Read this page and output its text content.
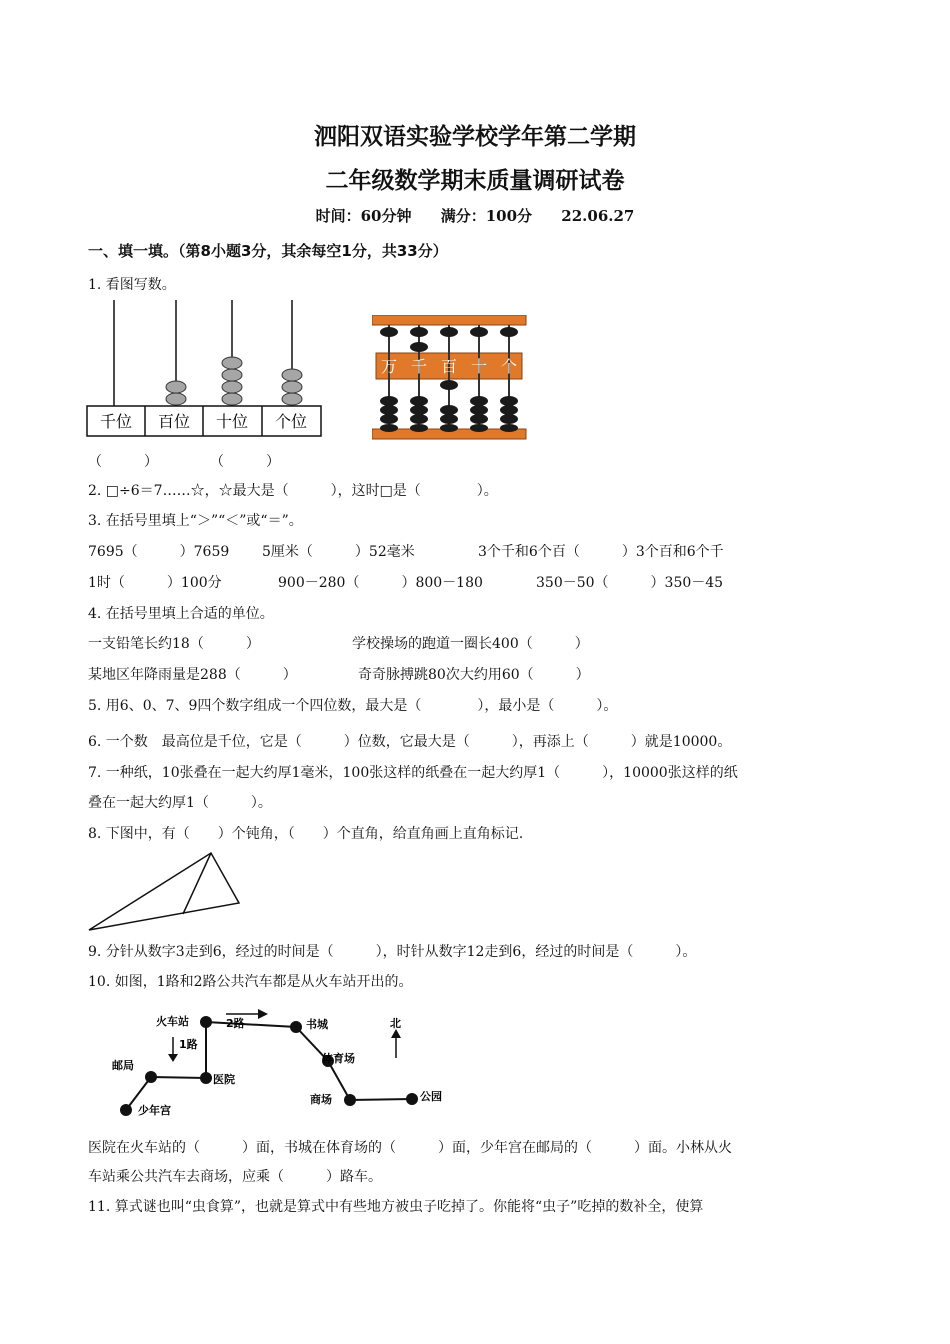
泗阳双语实验学校学年第二学期
二年级数学期末质量调研试卷
时间：60分钟 满分：100分 22.06.27
一、填一填。（第8小题3分，其余每空1分，共33分）
1. 看图写数。
千位 百位 十位 个位
万 千 百 十 个
（　　　）	（　　　）
2. □÷6＝7……☆，☆最大是（　　　），这时□是（　　　　）。
3. 在括号里填上“＞”“＜”或“＝”。
7695（　　　）7659 5厘米（　　　）52毫米	3个千和6个百（　　　）3个百和6个千
1时（　　　）100分	900－280（　　　）800－180	350－50（　　　）350－45
4. 在括号里填上合适的单位。
一支铅笔长约18（　　　）	学校操场的跑道一圈长400（　　　）
某地区年降雨量是288（　　　）	奇奇脉搏跳80次大约用60（　　　）
5. 用6、0、7、9四个数字组成一个四位数，最大是（　　　　），最小是（　　　）。
6. 一个数　最高位是千位，它是（　　　）位数，它最大是（　　　），再添上（　　　）就是10000。
7. 一种纸，10张叠在一起大约厚1毫米，100张这样的纸叠在一起大约厚1（　　　），10000张这样的纸
叠在一起大约厚1（　　　）。
8. 下图中，有（　　）个钝角，（　　）个直角，给直角画上直角标记.
9. 分针从数字3走到6，经过的时间是（　　　），时针从数字12走到6，经过的时间是（　　　）。
10. 如图，1路和2路公共汽车都是从火车站开出的。
火车站	2路	书城	北
1路
邮局
医院
体育场
少年宫
商场	公园
医院在火车站的（　　　）面，书城在体育场的（　　　）面，少年宫在邮局的（　　　）面。小林从火
车站乘公共汽车去商场，应乘（　　　）路车。
11. 算式谜也叫“虫食算”，也就是算式中有些地方被虫子吃掉了。你能将“虫子”吃掉的数补全，使算
